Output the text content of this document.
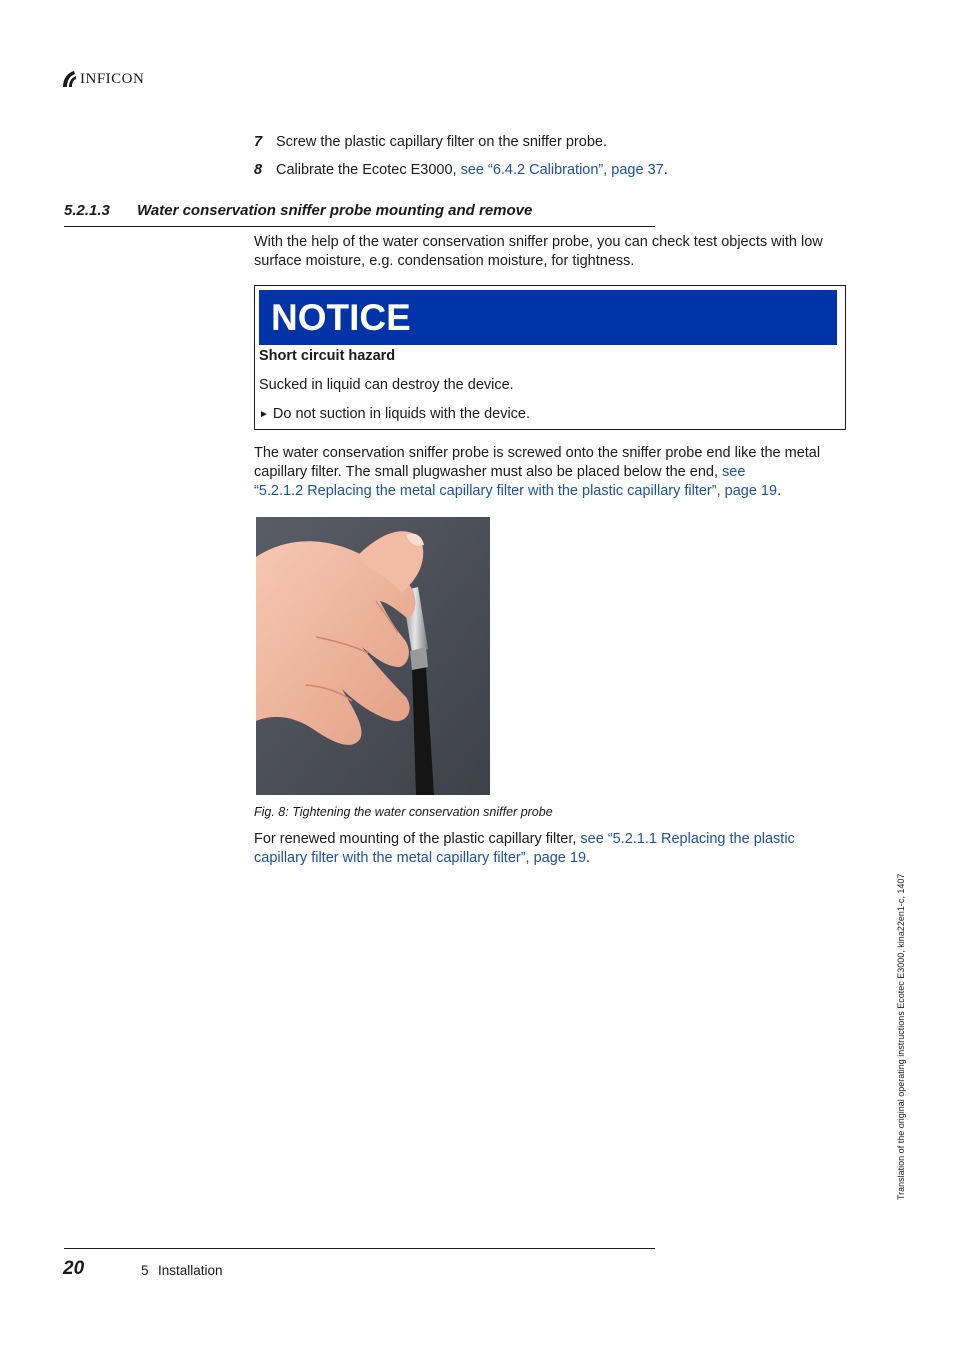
INFICON
7 Screw the plastic capillary filter on the sniffer probe.
8 Calibrate the Ecotec E3000, see “6.4.2 Calibration”, page 37.
5.2.1.3 Water conservation sniffer probe mounting and remove
With the help of the water conservation sniffer probe, you can check test objects with low
surface moisture, e.g. condensation moisture, for tightness.
NOTICE
Short circuit hazard
Sucked in liquid can destroy the device.
► Do not suction in liquids with the device.
The water conservation sniffer probe is screwed onto the sniffer probe end like the metal
capillary filter. The small plugwasher must also be placed below the end, see
“5.2.1.2 Replacing the metal capillary filter with the plastic capillary filter”, page 19.
Fig. 8: Tightening the water conservation sniffer probe
For renewed mounting of the plastic capillary filter, see “5.2.1.1 Replacing the plastic
capillary filter with the metal capillary filter”, page 19.
Translation of the original operating instructions Ecotec E3000, kina22en1-c, 1407
20	5 Installation
